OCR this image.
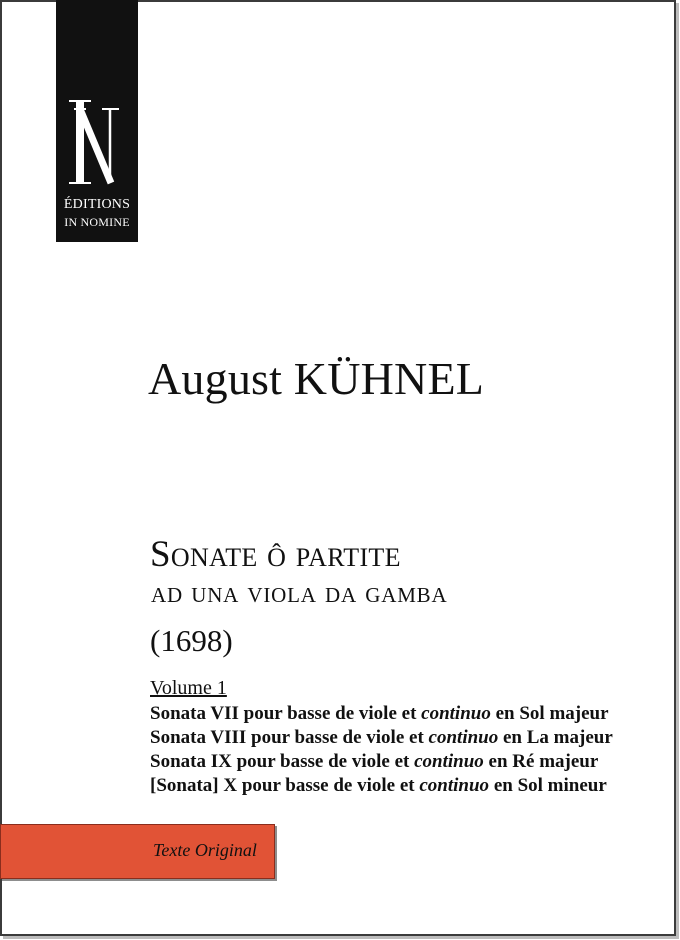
ÉDITIONS
IN NOMINE
August KÜHNEL
Sonate ô partite
ad una viola da gamba
(1698)
Volume 1
Sonata VII pour basse de viole et continuo en Sol majeur
Sonata VIII pour basse de viole et continuo en La majeur
Sonata IX pour basse de viole et continuo en Ré majeur
[Sonata] X pour basse de viole et continuo en Sol mineur
Texte Original
